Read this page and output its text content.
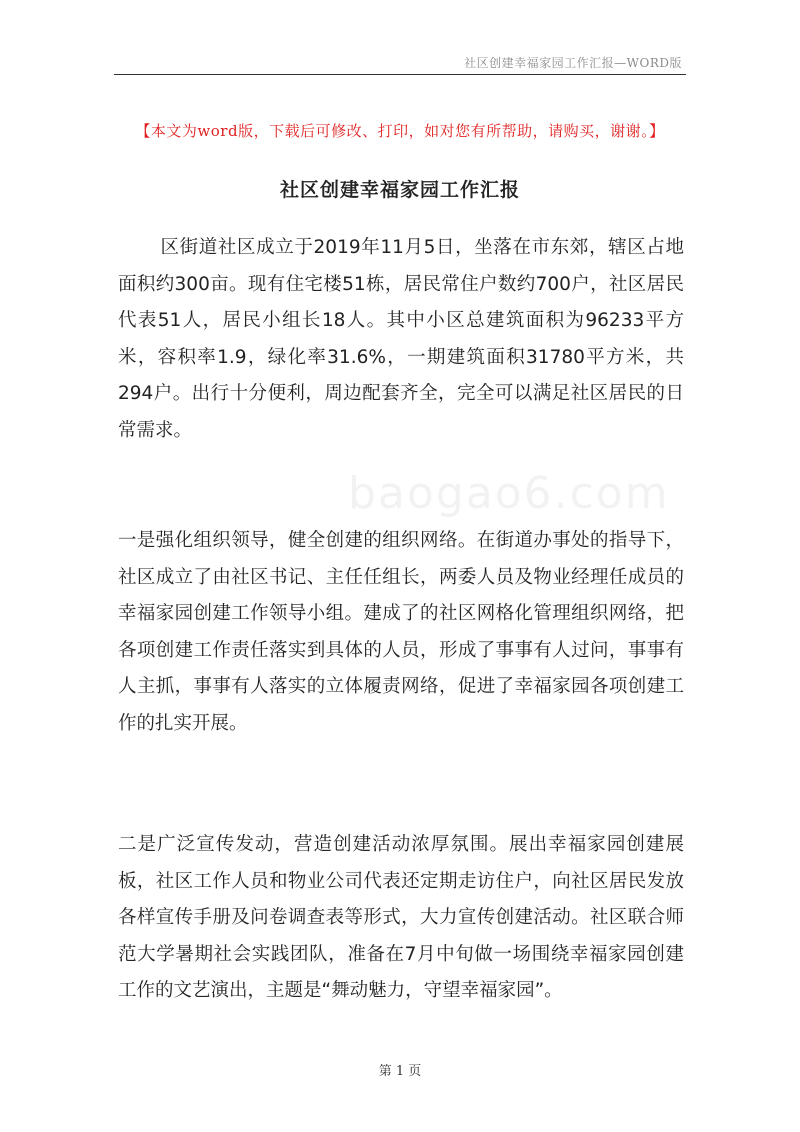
社区创建幸福家园工作汇报—WORD版
【本文为word版，下载后可修改、打印，如对您有所帮助，请购买，谢谢。】
社区创建幸福家园工作汇报
baogao6.com

区街道社区成立于2019年11月5日，坐落在市东郊，辖区占地面积约300亩。现有住宅楼51栋，居民常住户数约700户，社区居民代表51人，居民小组长18人。其中小区总建筑面积为96233平方米，容积率1.9，绿化率31.6%，一期建筑面积31780平方米，共294户。出行十分便利，周边配套齐全，完全可以满足社区居民的日常需求。

一是强化组织领导，健全创建的组织网络。在街道办事处的指导下，社区成立了由社区书记、主任任组长，两委人员及物业经理任成员的幸福家园创建工作领导小组。建成了的社区网格化管理组织网络，把各项创建工作责任落实到具体的人员，形成了事事有人过问，事事有人主抓，事事有人落实的立体履责网络，促进了幸福家园各项创建工作的扎实开展。

二是广泛宣传发动，营造创建活动浓厚氛围。展出幸福家园创建展板，社区工作人员和物业公司代表还定期走访住户，向社区居民发放各样宣传手册及问卷调查表等形式，大力宣传创建活动。社区联合师范大学暑期社会实践团队，准备在7月中旬做一场围绕幸福家园创建工作的文艺演出，主题是“舞动魅力，守望幸福家园”。

第 1 页
